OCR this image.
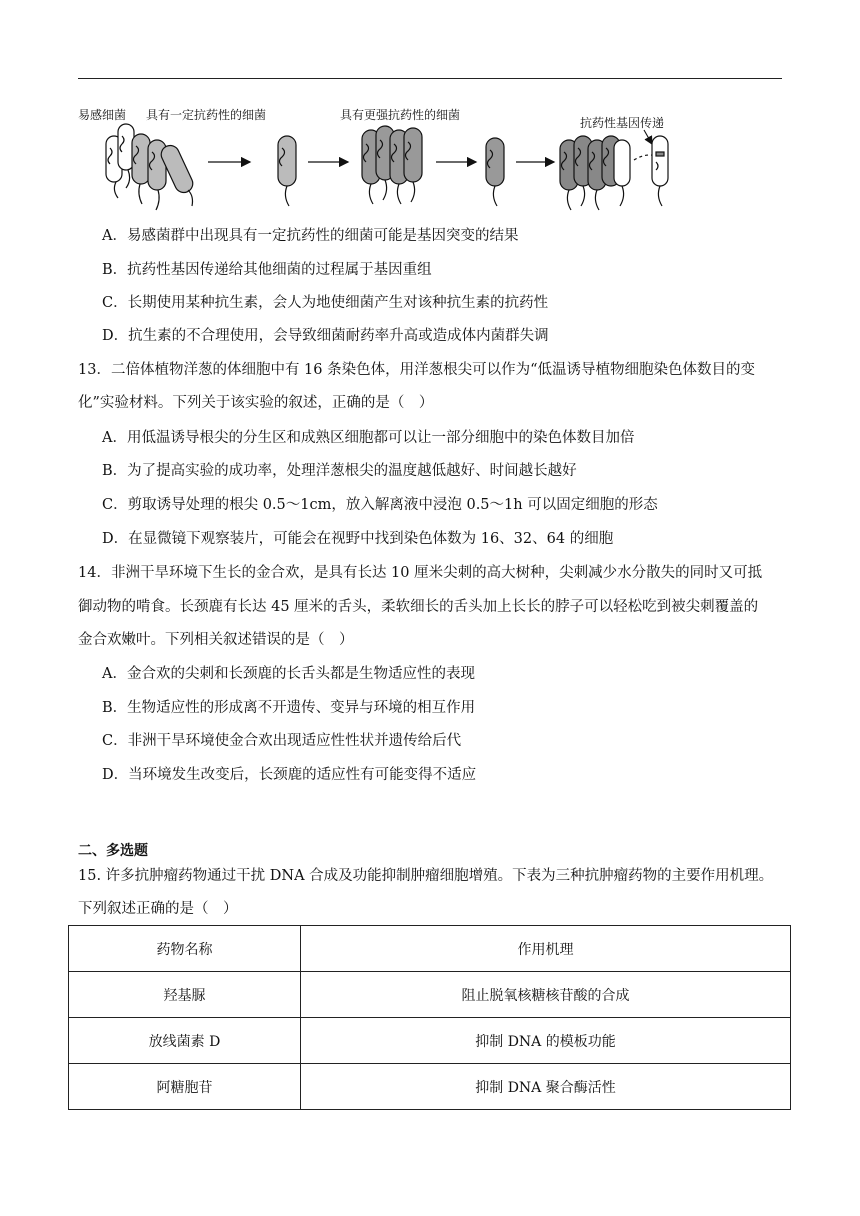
易感细菌 具有一定抗药性的细菌	具有更强抗药性的细菌
抗药性基因传递
A．易感菌群中出现具有一定抗药性的细菌可能是基因突变的结果
B．抗药性基因传递给其他细菌的过程属于基因重组
C．长期使用某种抗生素，会人为地使细菌产生对该种抗生素的抗药性
D．抗生素的不合理使用，会导致细菌耐药率升高或造成体内菌群失调
13．二倍体植物洋葱的体细胞中有 16 条染色体，用洋葱根尖可以作为“低温诱导植物细胞染色体数目的变
化”实验材料。下列关于该实验的叙述，正确的是（　）
A．用低温诱导根尖的分生区和成熟区细胞都可以让一部分细胞中的染色体数目加倍
B．为了提高实验的成功率，处理洋葱根尖的温度越低越好、时间越长越好
C．剪取诱导处理的根尖 0.5～1cm，放入解离液中浸泡 0.5～1h 可以固定细胞的形态
D．在显微镜下观察装片，可能会在视野中找到染色体数为 16、32、64 的细胞
14．非洲干旱环境下生长的金合欢，是具有长达 10 厘米尖刺的高大树种，尖刺减少水分散失的同时又可抵
御动物的啃食。长颈鹿有长达 45 厘米的舌头，柔软细长的舌头加上长长的脖子可以轻松吃到被尖刺覆盖的
金合欢嫩叶。下列相关叙述错误的是（　）
A．金合欢的尖刺和长颈鹿的长舌头都是生物适应性的表现
B．生物适应性的形成离不开遗传、变异与环境的相互作用
C．非洲干旱环境使金合欢出现适应性性状并遗传给后代
D．当环境发生改变后，长颈鹿的适应性有可能变得不适应
二、多选题
15. 许多抗肿瘤药物通过干扰 DNA 合成及功能抑制肿瘤细胞增殖。下表为三种抗肿瘤药物的主要作用机理。
下列叙述正确的是（　）
药物名称	作用机理
羟基脲	阻止脱氧核糖核苷酸的合成
放线菌素 D	抑制 DNA 的模板功能
阿糖胞苷	抑制 DNA 聚合酶活性
